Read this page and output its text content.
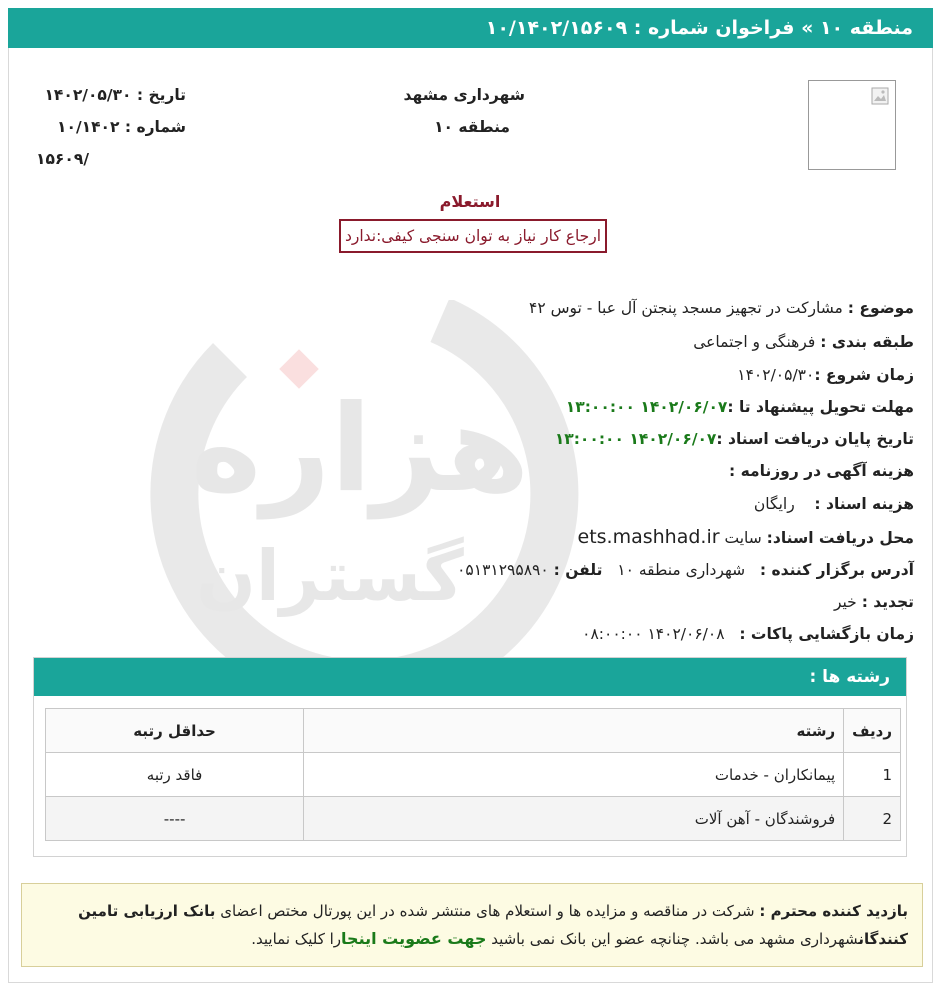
منطقه ۱۰ » فراخوان شماره : ۱۰/۱۴۰۲/۱۵۶۰۹
هزاره
گستران
تاریخ : ۱۴۰۲/۰۵/۳۰
شماره : ۱۰/۱۴۰۲
/۱۵۶۰۹
شهرداری مشهد
منطقه ۱۰
استعلام
ارجاع کار نیاز به توان سنجی کیفی:ندارد
موضوع : مشارکت در تجهیز مسجد پنجتن آل عبا - توس ۴۲
طبقه بندی : فرهنگی و اجتماعی
زمان شروع :۱۴۰۲/۰۵/۳۰
مهلت تحویل پیشنهاد تا :۱۴۰۲/۰۶/۰۷ ۱۳:۰۰:۰۰
تاریخ پایان دریافت اسناد :۱۴۰۲/۰۶/۰۷ ۱۳:۰۰:۰۰
هزینه آگهی در روزنامه :
هزینه اسناد :    رایگان
محل دریافت اسناد: سایت ets.mashhad.ir
آدرس برگزار کننده :   شهرداری منطقه ۱۰   تلفن : ۰۵۱۳۱۲۹۵۸۹۰
تجدید : خیر
زمان بازگشایی پاکات :   ۱۴۰۲/۰۶/۰۸ ۰۸:۰۰:۰۰
رشته ها :
ردیف	رشته	حداقل رتبه
1	پیمانکاران - خدمات	فاقد رتبه
2	فروشندگان - آهن آلات	----
بازدید کننده محترم : شرکت در مناقصه و مزایده ها و استعلام های منتشر شده در این پورتال مختص اعضای بانک ارزیابی تامین کنندگانشهرداری مشهد می باشد. چنانچه عضو این بانک نمی باشید جهت عضویت اینجارا کلیک نمایید.
